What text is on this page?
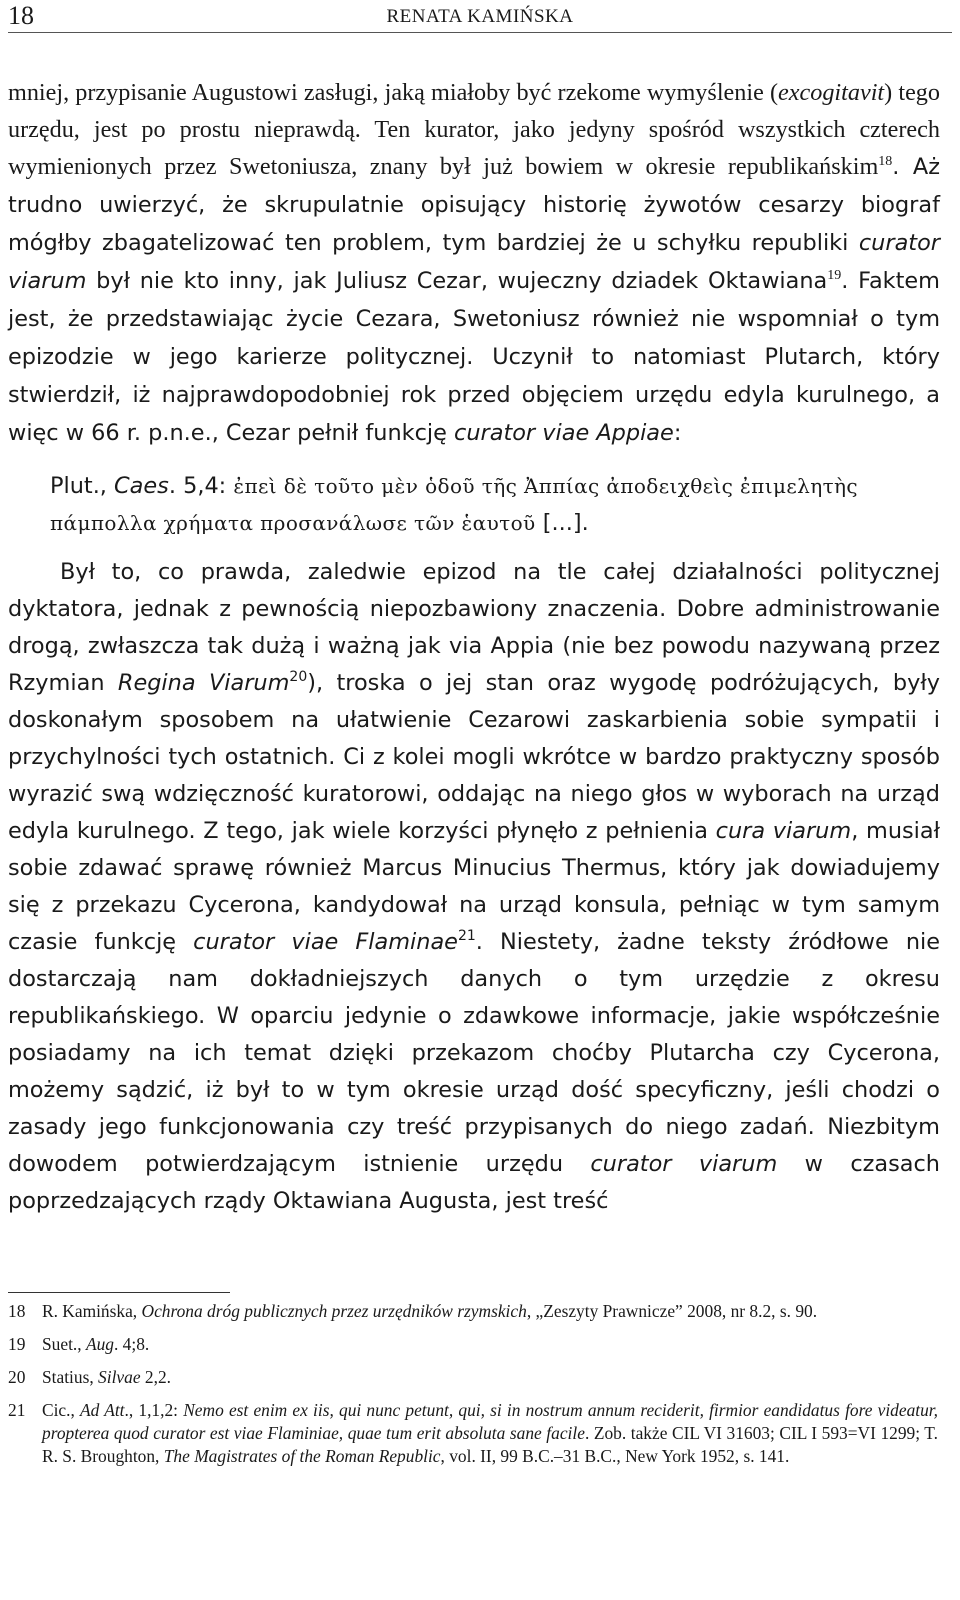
18	RENATA KAMIŃSKA

mniej, przypisanie Augustowi zasługi, jaką miałoby być rzekome wymyślenie (excogitavit) tego urzędu, jest po prostu nieprawdą. Ten kurator, jako jedyny spośród wszystkich czterech wymienionych przez Swetoniusza, znany był już bowiem w okresie republikańskim$^{18}$. Aż trudno uwierzyć, że skrupulatnie opisujący historię żywotów cesarzy biograf mógłby zbagatelizować ten problem, tym bardziej że u schyłku republiki curator viarum był nie kto inny, jak Juliusz Cezar, wujeczny dziadek Oktawiana$^{19}$. Faktem jest, że przedstawiając życie Cezara, Swetoniusz również nie wspomniał o tym epizodzie w jego karierze politycznej. Uczynił to natomiast Plutarch, który stwierdził, iż najprawdopodobniej rok przed objęciem urzędu edyla kurulnego, a więc w 66 r. p.n.e., Cezar pełnił funkcję curator viae Appiae:

Plut., Caes. 5,4: ἐπεὶ δὲ τοῦτο μὲν ὁδοῦ τῆς Ἀππίας ἀποδειχθεὶς ἐπιμελητὴς πάμπολλα χρήματα προσανάλωσε τῶν ἑαυτοῦ [...].

Był to, co prawda, zaledwie epizod na tle całej działalności politycznej dyktatora, jednak z pewnością niepozbawiony znaczenia. Dobre administrowanie drogą, zwłaszcza tak dużą i ważną jak via Appia (nie bez powodu nazywaną przez Rzymian Regina Viarum$^{20}$), troska o jej stan oraz wygodę podróżujących, były doskonałym sposobem na ułatwienie Cezarowi zaskarbienia sobie sympatii i przychylności tych ostatnich. Ci z kolei mogli wkrótce w bardzo praktyczny sposób wyrazić swą wdzięczność kuratorowi, oddając na niego głos w wyborach na urząd edyla kurulnego. Z tego, jak wiele korzyści płynęło z pełnienia cura viarum, musiał sobie zdawać sprawę również Marcus Minucius Thermus, który jak dowiadujemy się z przekazu Cycerona, kandydował na urząd konsula, pełniąc w tym samym czasie funkcję curator viae Flaminae$^{21}$. Niestety, żadne teksty źródłowe nie dostarczają nam dokładniejszych danych o tym urzędzie z okresu republikańskiego. W oparciu jedynie o zdawkowe informacje, jakie współcześnie posiadamy na ich temat dzięki przekazom choćby Plutarcha czy Cycerona, możemy sądzić, iż był to w tym okresie urząd dość specyficzny, jeśli chodzi o zasady jego funkcjonowania czy treść przypisanych do niego zadań. Niezbitym dowodem potwierdzającym istnienie urzędu curator viarum w czasach poprzedzających rządy Oktawiana Augusta, jest treść

18 R. Kamińska, Ochrona dróg publicznych przez urzędników rzymskich, „Zeszyty Prawnicze” 2008, nr 8.2, s. 90.

19 Suet., Aug. 4;8.

20 Statius, Silvae 2,2.

21 Cic., Ad Att., 1,1,2: Nemo est enim ex iis, qui nunc petunt, qui, si in nostrum annum reciderit, firmior eandidatus fore videatur, propterea quod curator est viae Flaminiae, quae tum erit absoluta sane facile. Zob. także CIL VI 31603; CIL I 593=VI 1299; T. R. S. Broughton, The Magistrates of the Roman Republic, vol. II, 99 B.C.–31 B.C., New York 1952, s. 141.
